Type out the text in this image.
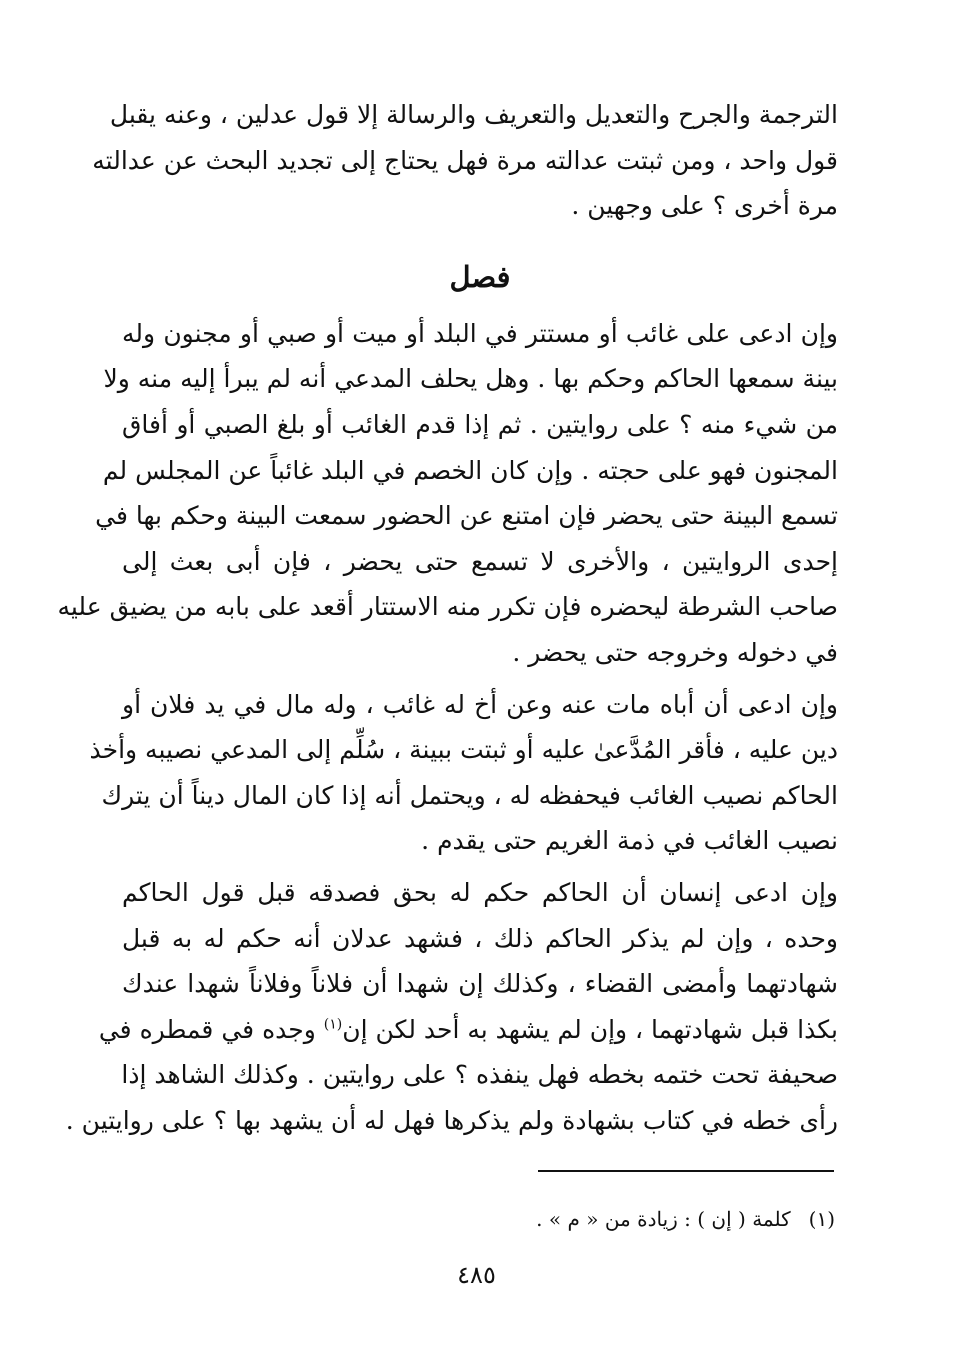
الترجمة والجرح والتعديل والتعريف والرسالة إلا قول عدلين ، وعنه يقبل
قول واحد ، ومن ثبتت عدالته مرة فهل يحتاج إلى تجديد البحث عن عدالته
مرة أخرى ؟ على وجهين .

فصل

وإن ادعى على غائب أو مستتر في البلد أو ميت أو صبي أو مجنون وله
بينة سمعها الحاكم وحكم بها . وهل يحلف المدعي أنه لم يبرأ إليه منه ولا
من شيء منه ؟ على روايتين . ثم إذا قدم الغائب أو بلغ الصبي أو أفاق
المجنون فهو على حجته . وإن كان الخصم في البلد غائباً عن المجلس لم
تسمع البينة حتى يحضر فإن امتنع عن الحضور سمعت البينة وحكم بها في
إحدى الروايتين ، والأخرى لا تسمع حتى يحضر ، فإن أبى بعث إلى
صاحب الشرطة ليحضره فإن تكرر منه الاستتار أقعد على بابه من يضيق عليه
في دخوله وخروجه حتى يحضر .

وإن ادعى أن أباه مات عنه وعن أخ له غائب ، وله مال في يد فلان أو
دين عليه ، فأقر المُدَّعىٰ عليه أو ثبتت ببينة ، سُلِّم إلى المدعي نصيبه وأخذ
الحاكم نصيب الغائب فيحفظه له ، ويحتمل أنه إذا كان المال ديناً أن يترك
نصيب الغائب في ذمة الغريم حتى يقدم .

وإن ادعى إنسان أن الحاكم حكم له بحق فصدقه قبل قول الحاكم
وحده ، وإن لم يذكر الحاكم ذلك ، فشهد عدلان أنه حكم له به قبل
شهادتهما وأمضى القضاء ، وكذلك إن شهدا أن فلاناً وفلاناً شهدا عندك
بكذا قبل شهادتهما ، وإن لم يشهد به أحد لكن إن$^{(١)}$ وجده في قمطره في
صحيفة تحت ختمه بخطه فهل ينفذه ؟ على روايتين . وكذلك الشاهد إذا
رأى خطه في كتاب بشهادة ولم يذكرها فهل له أن يشهد بها ؟ على روايتين .

(١)كلمة ( إن ) : زيادة من « م » .
٤٨٥
